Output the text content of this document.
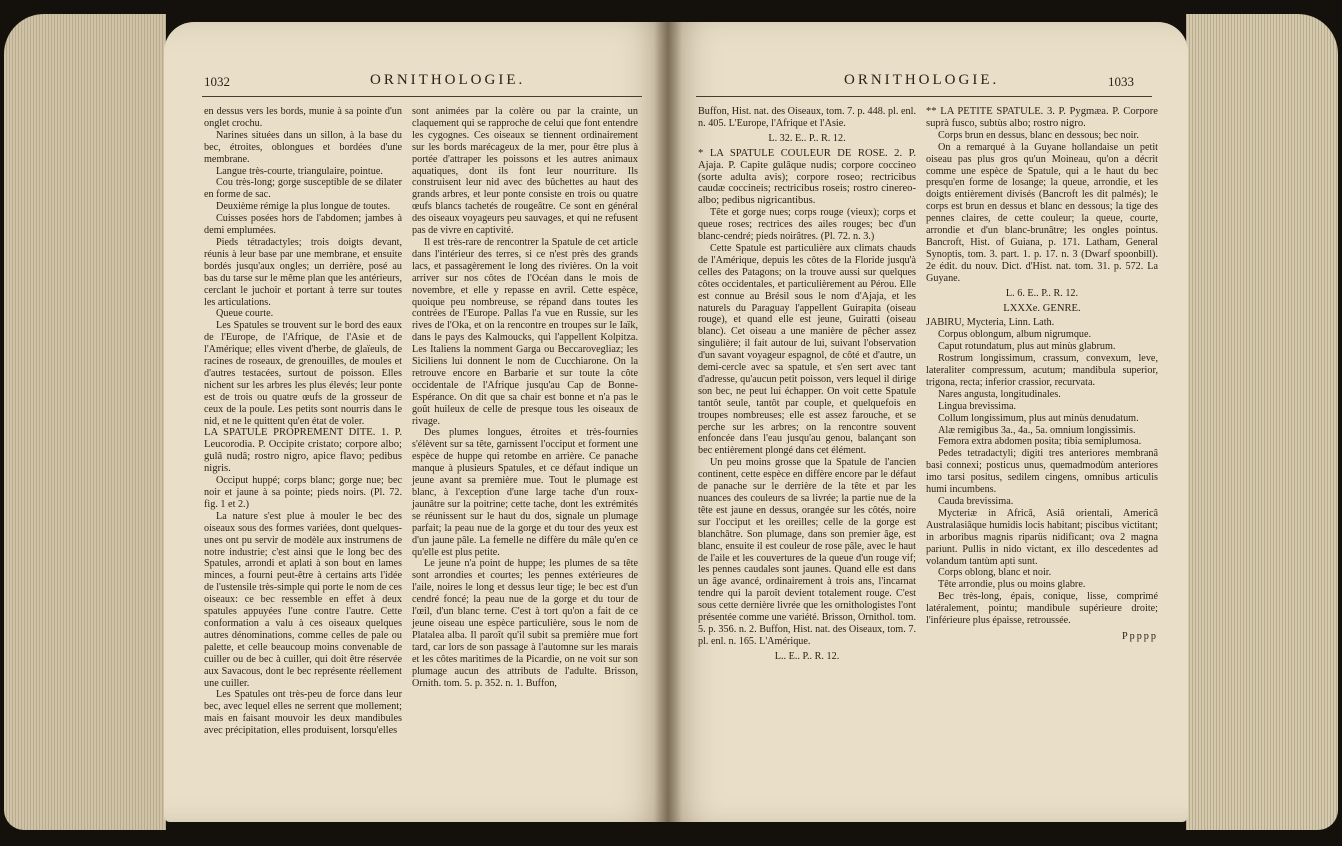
1032	ORNITHOLOGIE.

en dessus vers les bords, munie à sa pointe d'un onglet crochu.

Narines situées dans un sillon, à la base du bec, étroites, oblongues et bordées d'une membrane.

Langue très-courte, triangulaire, pointue.

Cou très-long; gorge susceptible de se dilater en forme de sac.

Deuxième rémige la plus longue de toutes.

Cuisses posées hors de l'abdomen; jambes à demi emplumées.

Pieds tétradactyles; trois doigts devant, réunis à leur base par une membrane, et ensuite bordés jusqu'aux ongles; un derrière, posé au bas du tarse sur le même plan que les antérieurs, cerclant le juchoir et portant à terre sur toutes les articulations.

Queue courte.

Les Spatules se trouvent sur le bord des eaux de l'Europe, de l'Afrique, de l'Asie et de l'Amérique; elles vivent d'herbe, de glaïeuls, de racines de roseaux, de grenouilles, de moules et d'autres testacées, surtout de poisson. Elles nichent sur les arbres les plus élevés; leur ponte est de trois ou quatre œufs de la grosseur de ceux de la poule. Les petits sont nourris dans le nid, et ne le quittent qu'en état de voler.

LA SPATULE PROPREMENT DITE. 1. P. Leucorodia. P. Occipite cristato; corpore albo; gulâ nudâ; rostro nigro, apice flavo; pedibus nigris.

Occiput huppé; corps blanc; gorge nue; bec noir et jaune à sa pointe; pieds noirs. (Pl. 72. fig. 1 et 2.)

La nature s'est plue à mouler le bec des oiseaux sous des formes variées, dont quelques-unes ont pu servir de modèle aux instrumens de notre industrie; c'est ainsi que le long bec des Spatules, arrondi et aplati à son bout en lames minces, a fourni peut-être à certains arts l'idée de l'ustensile très-simple qui porte le nom de ces oiseaux: ce bec ressemble en effet à deux spatules appuyées l'une contre l'autre. Cette conformation a valu à ces oiseaux quelques autres dénominations, comme celles de pale ou palette, et celle beaucoup moins convenable de cuiller ou de bec à cuiller, qui doit être réservée aux Savacous, dont le bec représente réellement une cuiller.

Les Spatules ont très-peu de force dans leur bec, avec lequel elles ne serrent que mollement; mais en faisant mouvoir les deux mandibules avec précipitation, elles produisent, lorsqu'elles

sont animées par la colère ou par la crainte, un claquement qui se rapproche de celui que font entendre les cygognes. Ces oiseaux se tiennent ordinairement sur les bords marécageux de la mer, pour être plus à portée d'attraper les poissons et les autres animaux aquatiques, dont ils font leur nourriture. Ils construisent leur nid avec des bûchettes au haut des grands arbres, et leur ponte consiste en trois ou quatre œufs blancs tachetés de rougeâtre. Ce sont en général des oiseaux voyageurs peu sauvages, et qui ne refusent pas de vivre en captivité.

Il est très-rare de rencontrer la Spatule de cet article dans l'intérieur des terres, si ce n'est près des grands lacs, et passagèrement le long des rivières. On la voit arriver sur nos côtes de l'Océan dans le mois de novembre, et elle y repasse en avril. Cette espèce, quoique peu nombreuse, se répand dans toutes les contrées de l'Europe. Pallas l'a vue en Russie, sur les rives de l'Oka, et on la rencontre en troupes sur le Iaïk, dans le pays des Kalmoucks, qui l'appellent Kolpitza. Les Italiens la nomment Garga ou Beccarovegliaz; les Siciliens lui donnent le nom de Cucchiarone. On la retrouve encore en Barbarie et sur toute la côte occidentale de l'Afrique jusqu'au Cap de Bonne-Espérance. On dit que sa chair est bonne et n'a pas le goût huileux de celle de presque tous les oiseaux de rivage.

Des plumes longues, étroites et très-fournies s'élèvent sur sa tête, garnissent l'occiput et forment une espèce de huppe qui retombe en arrière. Ce panache manque à plusieurs Spatules, et ce défaut indique un jeune avant sa première mue. Tout le plumage est blanc, à l'exception d'une large tache d'un roux-jaunâtre sur la poitrine; cette tache, dont les extrémités se réunissent sur le haut du dos, signale un plumage parfait; la peau nue de la gorge et du tour des yeux est d'un jaune pâle. La femelle ne diffère du mâle qu'en ce qu'elle est plus petite.

Le jeune n'a point de huppe; les plumes de sa tête sont arrondies et courtes; les pennes extérieures de l'aile, noires le long et dessus leur tige; le bec est d'un cendré foncé; la peau nue de la gorge et du tour de l'œil, d'un blanc terne. C'est à tort qu'on a fait de ce jeune oiseau une espèce particulière, sous le nom de Platalea alba. Il paroît qu'il subit sa première mue fort tard, car lors de son passage à l'automne sur les marais et les côtes maritimes de la Picardie, on ne voit sur son plumage aucun des attributs de l'adulte. Brisson, Ornith. tom. 5. p. 352. n. 1. Buffon,

ORNITHOLOGIE.	1033

Buffon, Hist. nat. des Oiseaux, tom. 7. p. 448. pl. enl. n. 405. L'Europe, l'Afrique et l'Asie.

L. 32. E.. P.. R. 12.

* LA SPATULE COULEUR DE ROSE. 2. P. Ajaja. P. Capite gulâque nudis; corpore coccineo (sorte adulta avis); corpore roseo; rectricibus caudæ coccineis; rectricibus roseis; rostro cinereo-albo; pedibus nigricantibus.

Tête et gorge nues; corps rouge (vieux); corps et queue roses; rectrices des ailes rouges; bec d'un blanc-cendré; pieds noirâtres. (Pl. 72. n. 3.)

Cette Spatule est particulière aux climats chauds de l'Amérique, depuis les côtes de la Floride jusqu'à celles des Patagons; on la trouve aussi sur quelques côtes occidentales, et particulièrement au Pérou. Elle est connue au Brésil sous le nom d'Ajaja, et les naturels du Paraguay l'appellent Guirapita (oiseau rouge), et quand elle est jeune, Guiratti (oiseau blanc). Cet oiseau a une manière de pêcher assez singulière; il fait autour de lui, suivant l'observation d'un savant voyageur espagnol, de côté et d'autre, un demi-cercle avec sa spatule, et s'en sert avec tant d'adresse, qu'aucun petit poisson, vers lequel il dirige son bec, ne peut lui échapper. On voit cette Spatule tantôt seule, tantôt par couple, et quelquefois en troupes nombreuses; elle est assez farouche, et se perche sur les arbres; on la rencontre souvent enfoncée dans l'eau jusqu'au genou, balançant son bec entièrement plongé dans cet élément.

Un peu moins grosse que la Spatule de l'ancien continent, cette espèce en diffère encore par le défaut de panache sur le derrière de la tête et par les nuances des couleurs de sa livrée; la partie nue de la tête est jaune en dessus, orangée sur les côtés, noire sur l'occiput et les oreilles; celle de la gorge est blanchâtre. Son plumage, dans son premier âge, est blanc, ensuite il est couleur de rose pâle, avec le haut de l'aile et les couvertures de la queue d'un rouge vif; les pennes caudales sont jaunes. Quand elle est dans un âge avancé, ordinairement à trois ans, l'incarnat tendre qui la paroît devient totalement rouge. C'est sous cette dernière livrée que les ornithologistes l'ont présentée comme une variété. Brisson, Ornithol. tom. 5. p. 356. n. 2. Buffon, Hist. nat. des Oiseaux, tom. 7. pl. enl. n. 165. L'Amérique.

L.. E.. P.. R. 12.

** LA PETITE SPATULE. 3. P. Pygmæa. P. Corpore suprà fusco, subtùs albo; rostro nigro.

Corps brun en dessus, blanc en dessous; bec noir.

On a remarqué à la Guyane hollandaise un petit oiseau pas plus gros qu'un Moineau, qu'on a décrit comme une espèce de Spatule, qui a le haut du bec presqu'en forme de losange; la queue, arrondie, et les doigts entièrement divisés (Bancroft les dit palmés); le corps est brun en dessus et blanc en dessous; la tige des pennes claires, de cette couleur; la queue, courte, arrondie et d'un blanc-brunâtre; les ongles pointus. Bancroft, Hist. of Guiana, p. 171. Latham, General Synoptis, tom. 3. part. 1. p. 17. n. 3 (Dwarf spoonbill). 2e édit. du nouv. Dict. d'Hist. nat. tom. 31. p. 572. La Guyane.

L. 6. E.. P.. R. 12.

LXXXe. GENRE.

JABIRU, Mycteria, Linn. Lath.

Corpus oblongum, album nigrumque.

Caput rotundatum, plus aut minùs glabrum.

Rostrum longissimum, crassum, convexum, leve, lateraliter compressum, acutum; mandibula superior, trigona, recta; inferior crassior, recurvata.

Nares angusta, longitudinales.

Lingua brevissima.

Collum longissimum, plus aut minùs denudatum.

Alæ remigibus 3a., 4a., 5a. omnium longissimis.

Femora extra abdomen posita; tibia semiplumosa.

Pedes tetradactyli; digiti tres anteriores membranâ basi connexi; posticus unus, quemadmodùm anteriores imo tarsi positus, sedilem cingens, omnibus articulis humi incumbens.

Cauda brevissima.

Mycteriæ in Africâ, Asiâ orientali, Americâ Australasiâque humidis locis habitant; piscibus victitant; in arboribus magnis riparüs nidificant; ova 2 magna pariunt. Pullis in nido victant, ex illo descedentes ad volandum tantùm apti sunt.

Corps oblong, blanc et noir.

Tête arrondie, plus ou moins glabre.

Bec très-long, épais, conique, lisse, comprimé latéralement, pointu; mandibule supérieure droite; l'inférieure plus épaisse, retroussée.

Ppppp
